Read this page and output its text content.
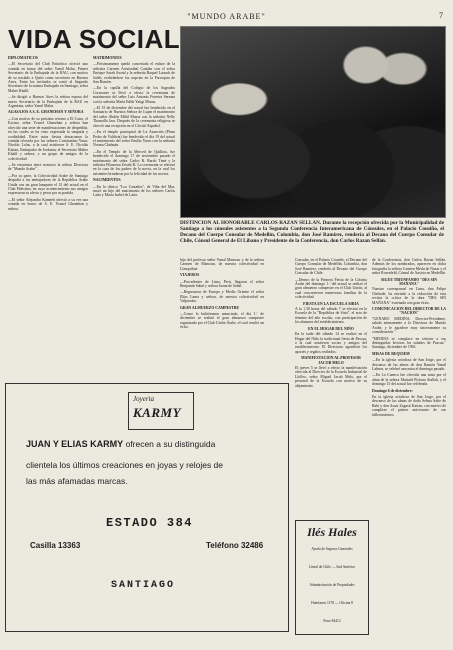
"MUNDO ARABE"	7
VIDA SOCIAL

DIPLOMATICOS

—El Secretario del Club Patriótico ofreció una comida en honor del señor Yamil Malat, Primer Secretario de la Embajada de la RAU, con motivo de su traslado a Quito como secretario en Buenos Aires. Entre los invitados se contó al Segundo Secretario de la misma Embajada en Santiago, señor Maher Khalil.

—Se dirigió a Buenos Aires la señora esposa del nuevo Secretario de la Embajada de la RAU en Argentina, señor Yamil Malat.

AGASAJOS A S. E. GHANEHAN Y SEÑORA

—Con motivo de su próximo retorno a El Cairo, el Excmo. señor Yousef Ghanehan y señora han ofrecido una serie de manifestaciones de despedida, en las cuales se ha visto expresada la simpatía y cordialidad. Entre estas fiestas destacamos la comida ofrecida por los señores Constantino Yarur, Nicolás Lolas, a la cual asistieron S. E. Nicolás Kattan, Embajador de Jordania; el Secretario Maher Khalil y señora; y un grupo de amigos de la colectividad.

—Se encuentra entre nosotros la señora Directora de "Mundo Arabe".

—Por su parte, la Colectividad Arabe de Santiago despidió a los embajadores de la República Arabe Unida con un gran banquete el 12 del actual en el Club Palestino, en cuyo acontecimiento sus amigos expresaron su afecto y pesar por su partida.

—El señor Alejandro Kameeh ofreció a su vez una comida en honor de S. E. Yousef Ghanehan y señora.

MATRIMONIOS

—Próximamente quedó concertado el enlace de la señorita Carmen Arestizábal Catalán con el señor Enrique Sarah Azzad y la señorita Raquel Latrach de Saleh, realizándose las nupcias en la Parroquia de San Ramón.

—En la capilla del Colegio de los Sagrados Corazones se llevó a efecto la ceremonia de matrimonio del señor Luis Antonio Ferreira Sermaa con la señorita María Edith Yatigi Mussa.

—El 15 de diciembre del actual fue bendecido en el Santuario de Nuestra Señora de Lujan el matrimonio del señor Abdón Mihil Mussa con la señorita Nelly Thomalla Jaar. Después de la ceremonia religiosa se ofreció una recepción en el Círculo Español.

—En el templo parroquial de La Asunción (Plaza Pedro de Valdivia) fue bendecido el día 19 del actual el matrimonio del señor Emilio Yarur con la señorita Norma Chahuán.

—En el Templo de la Merced de Quillota, fue bendecido el domingo 17 de noviembre pasado el matrimonio del señor Carlos R. Bardo Timé y la señorita Filomena Zerahi R. La ceremonia se efectuó en la casa de los padres de la novia, en la cual los asistentes brindaron por la felicidad de los novios.

NACIMIENTOS

—En la clínica "Los Castaños", de Viña del Mar, nació un hijo del matrimonio de los señores Carlos Latta y María Isabel de Latta.

DISTINCION AL HONORABLE CARLOS RAZAN SELLAN. Durante la recepción ofrecida por la Municipalidad de Santiago a los cónsules asistentes a la Segunda Conferencia Interamericana de Cónsules, en el Palacio Cousiño, el Decano del Cuerpo Consular de Medellín, Colombia, don José Ramírez, rendería al Decano del Cuerpo Consular de Chile, Cónsul General de El Líbano y Presidente de la Conferencia, don Carlos Razan Sellán.

hijo del profesor señor Yamil Mansour y de la señora Carmen de Mansour, de nuestra colectividad en Llanquihue.

VIAJEROS

—Procedentes de Lima, Perú, llegaron el señor Benjamín Sabal y señora Juana de Sabal.

—Regresaron de Europa y Medio Oriente el señor Elías Lama y señora, de nuestra colectividad en Valparaíso.

GRAN ALMUERZO CAMPESTRE

—Como lo hubiéramos anunciado, el día 1.º de diciembre se realizó el gran almuerzo campestre organizado por el Club Unión Árabe, el cual resultó un éxito.

Consular, en el Palacio Cousiño, el Decano del Cuerpo Consular de Medellín, Colombia, don José Ramírez, rendería al Decano del Cuerpo Consular de Chile.

—Dentro de la Primera Fiesta de la Colonia Árabe del domingo 1.º del actual se realizó el gran almuerzo campestre en el Club Unión, al cual concurrieron numerosas familias de la colectividad.

FIESTA EN LA ESCUELA SIRIA

A la 1.30 horas del sábado 7 se efectuó en la Escuela de la "República de Siria", el acto de término del año escolar, con participación de los alumnos del establecimiento.

EN EL HOGAR DEL NIÑO

En la tarde del sábado 14 se realizó en el Hogar del Niño la tradicional fiesta de Pascua, a la cual asistieron socias y amigos del establecimiento. El Directorio agradeció los aportes y regalos recibidos.

MANIFESTACION AL PROFESOR JACOB MELO

El jueves 5 se llevó a efecto la manifestación ofrecida al Director de la Escuela Industrial de Llolleo, señor Miguel Jacob Melo, por el personal de la Escuela con motivo de su alejamiento.

de la Conferencia, don Carlos Razan Sellán. Además de los nombrados, aparecen en dicha fotografía la señora Carmen Medu de Nazar y el señor Rosenfeld, Cónsul de Austria en Medellín.

SIGUE TRIUNFANDO "DES SIN MAÑANA"

Nuestro corresponsal en Lima, don Felipe Chehade, ha enviado a la redacción de esta revista la crítica de la obra "DES SIN MAÑANA" estrenada con gran éxito.

COMUNICACION DEL DIRECTOR DE LA "NACION"

"GENARO MEDINA, Director-Presidente, saluda atentamente a la Directora de Mundo Arabe, y le agradece muy sinceramente su consideración."

"MEDINA se complace en reiterar a sus distinguidas lectoras los saludos de Pascua." Santiago, diciembre de 1963.

MISAS DE REQUIEM

—En la iglesia ortodoxa de San Jorge, por el descanso de las almas de don Ramón Yamil Lahsen, se celebró una misa el domingo pasado.

—En La Cuenca fue ofrecida una misa por el alma de la señora Mustafá Pichara Atallah, y el domingo 15 del actual fue celebrada.

Domingo 6 de diciembre:

En la iglesia ortodoxa de San Jorge, por el descanso de las almas de doña Selma Safie de Rabi y don Assar Zugasti Kattan, con motivo de cumplirse el primer aniversario de sus fallecimientos.

Joyeria
KARMY
JUAN Y ELIAS KARMY ofrecen a su distinguida
clientela los últimos creaciones en joyas y relojes de
las más afamadas marcas.
ESTADO 384
Casilla 13363	Teléfono 32486
SANTIAGO
Ilés Hales
Ayuda de Seguros Generales
Líneal de Chile — Sud Américo
Administración de Propiedades
Huérfanos 1178 — Oficina 8
Fono 84412
